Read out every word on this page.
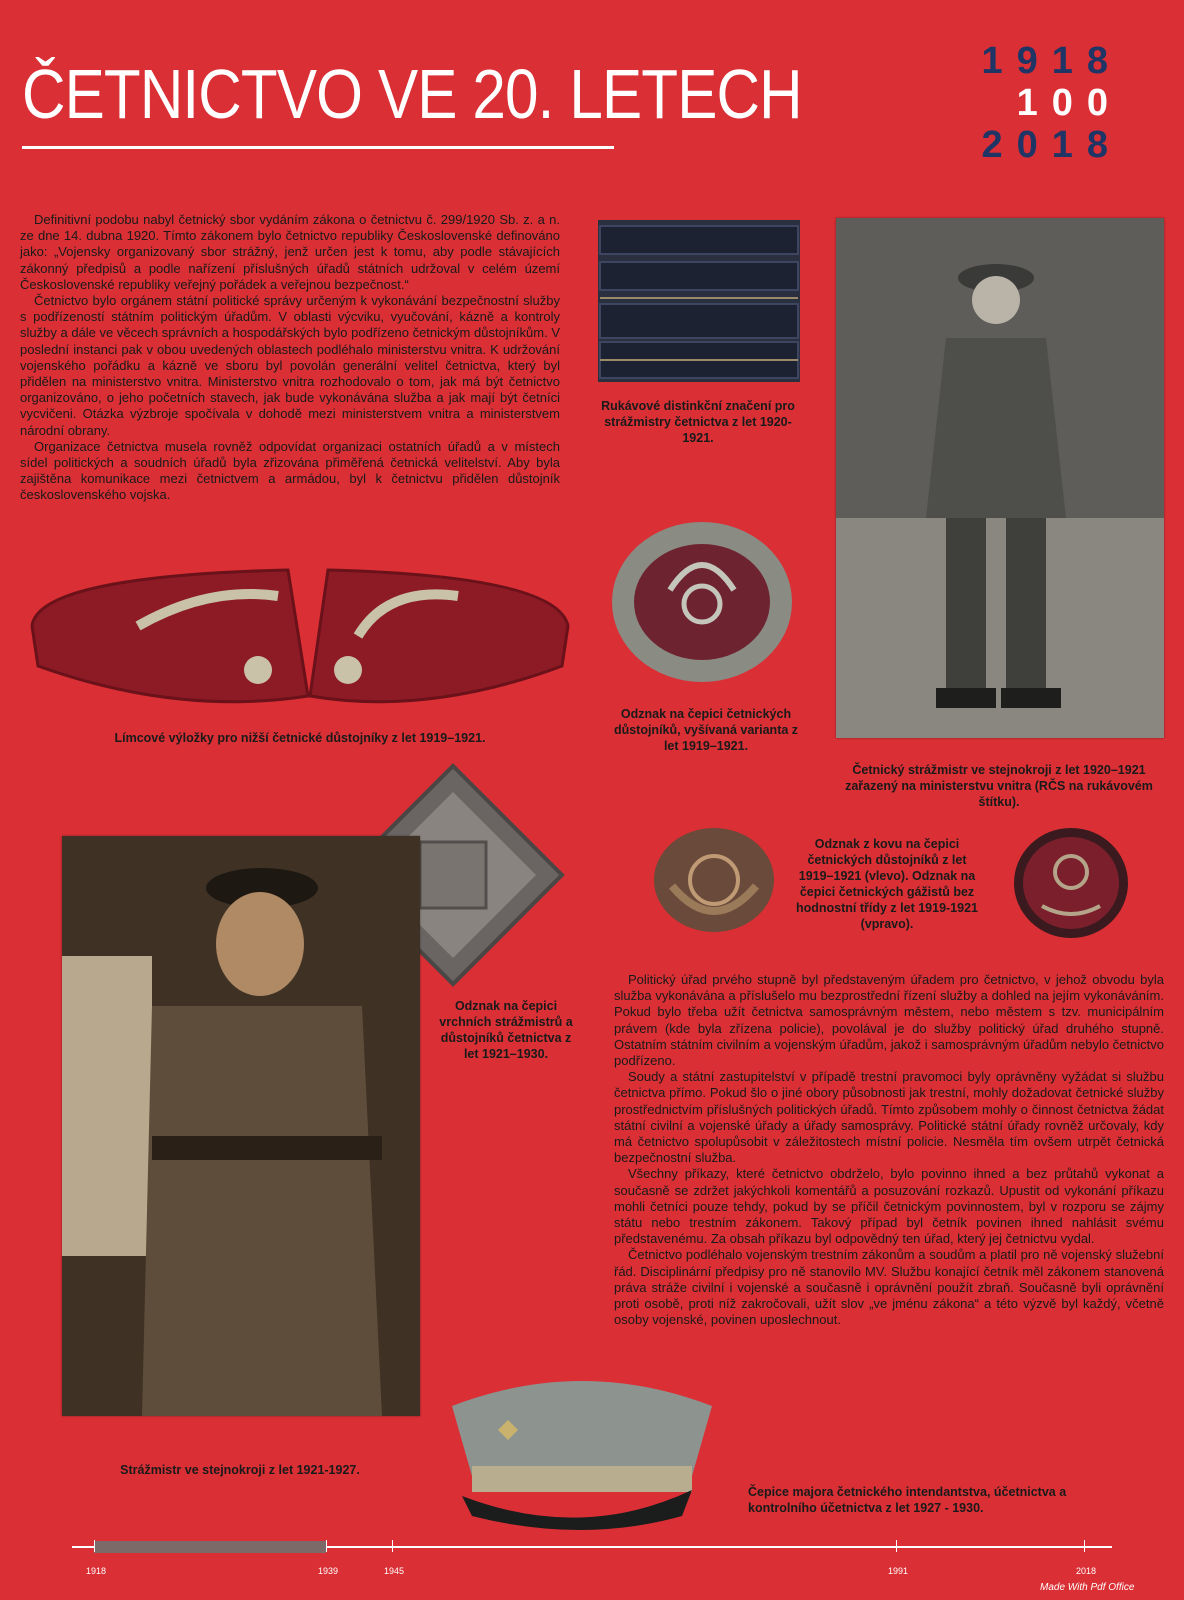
ČETNICTVO VE 20. LETECH	1918
100
2018

Definitivní podobu nabyl četnický sbor vydáním zákona o četnictvu č. 299/1920 Sb. z. a n. ze dne 14. dubna 1920. Tímto zákonem bylo četnictvo republiky Československé definováno jako: „Vojensky organizovaný sbor strážný, jenž určen jest k tomu, aby podle stávajících zákonný předpisů a podle nařízení příslušných úřadů státních udržoval v celém území Československé republiky veřejný pořádek a veřejnou bezpečnost.“

Četnictvo bylo orgánem státní politické správy určeným k vykonávání bezpečnostní služby s podřízeností státním politickým úřadům. V oblasti výcviku, vyučování, kázně a kontroly služby a dále ve věcech správních a hospodářských bylo podřízeno četnickým důstojníkům. V poslední instanci pak v obou uvedených oblastech podléhalo ministerstvu vnitra. K udržování vojenského pořádku a kázně ve sboru byl povolán generální velitel četnictva, který byl přidělen na ministerstvo vnitra. Ministerstvo vnitra rozhodovalo o tom, jak má být četnictvo organizováno, o jeho početních stavech, jak bude vykonávána služba a jak mají být četníci vycvičeni. Otázka výzbroje spočívala v dohodě mezi ministerstvem vnitra a ministerstvem národní obrany.

Organizace četnictva musela rovněž odpovídat organizaci ostatních úřadů a v místech sídel politických a soudních úřadů byla zřizována přiměřená četnická velitelství. Aby byla zajištěna komunikace mezi četnictvem a armádou, byl k četnictvu přidělen důstojník československého vojska.

Rukávové distinkční značení pro strážmistry četnictva z let 1920-1921.

Četnický strážmistr ve stejnokroji z let 1920–1921 zařazený na ministerstvu vnitra (RČS na rukávovém štítku).

Límcové výložky pro nižší četnické důstojníky z let 1919–1921.

Odznak na čepici četnických důstojníků, vyšívaná varianta z let 1919–1921.

Odznak z kovu na čepici četnických důstojníků z let 1919–1921 (vlevo). Odznak na čepici četnických gážistů bez hodnostní třídy z let 1919-1921 (vpravo).

Odznak na čepici vrchních strážmistrů a důstojníků četnictva z let 1921–1930.

Strážmistr ve stejnokroji z let 1921-1927.

Politický úřad prvého stupně byl představeným úřadem pro četnictvo, v jehož obvodu byla služba vykonávána a příslušelo mu bezprostřední řízení služby a dohled na jejím vykonáváním. Pokud bylo třeba užít četnictva samosprávným městem, nebo městem s tzv. municipálním právem (kde byla zřízena policie), povolával je do služby politický úřad druhého stupně. Ostatním státním civilním a vojenským úřadům, jakož i samosprávným úřadům nebylo četnictvo podřízeno.

Soudy a státní zastupitelství v případě trestní pravomoci byly oprávněny vyžádat si službu četnictva přímo. Pokud šlo o jiné obory působnosti jak trestní, mohly dožadovat četnické služby prostřednictvím příslušných politických úřadů. Tímto způsobem mohly o činnost četnictva žádat státní civilní a vojenské úřady a úřady samosprávy. Politické státní úřady rovněž určovaly, kdy má četnictvo spolupůsobit v záležitostech místní policie. Nesměla tím ovšem utrpět četnická bezpečnostní služba.

Všechny příkazy, které četnictvo obdrželo, bylo povinno ihned a bez průtahů vykonat a současně se zdržet jakýchkoli komentářů a posuzování rozkazů. Upustit od vykonání příkazu mohli četníci pouze tehdy, pokud by se příčil četnickým povinnostem, byl v rozporu se zájmy státu nebo trestním zákonem. Takový případ byl četník povinen ihned nahlásit svému představenému. Za obsah příkazu byl odpovědný ten úřad, který jej četnictvu vydal.

Četnictvo podléhalo vojenským trestním zákonům a soudům a platil pro ně vojenský služební řád. Disciplinární předpisy pro ně stanovilo MV. Službu konající četník měl zákonem stanovená práva stráže civilní i vojenské a současně i oprávnění použít zbraň. Současně byli oprávnění proti osobě, proti níž zakročovali, užít slov „ve jménu zákona“ a této výzvě byl každý, včetně osoby vojenské, povinen uposlechnout.

Čepice majora četnického intendantstva, účetnictva a kontrolního účetnictva z let 1927 - 1930.

1918	1939	1945	1991	2018
Made With Pdf Office
